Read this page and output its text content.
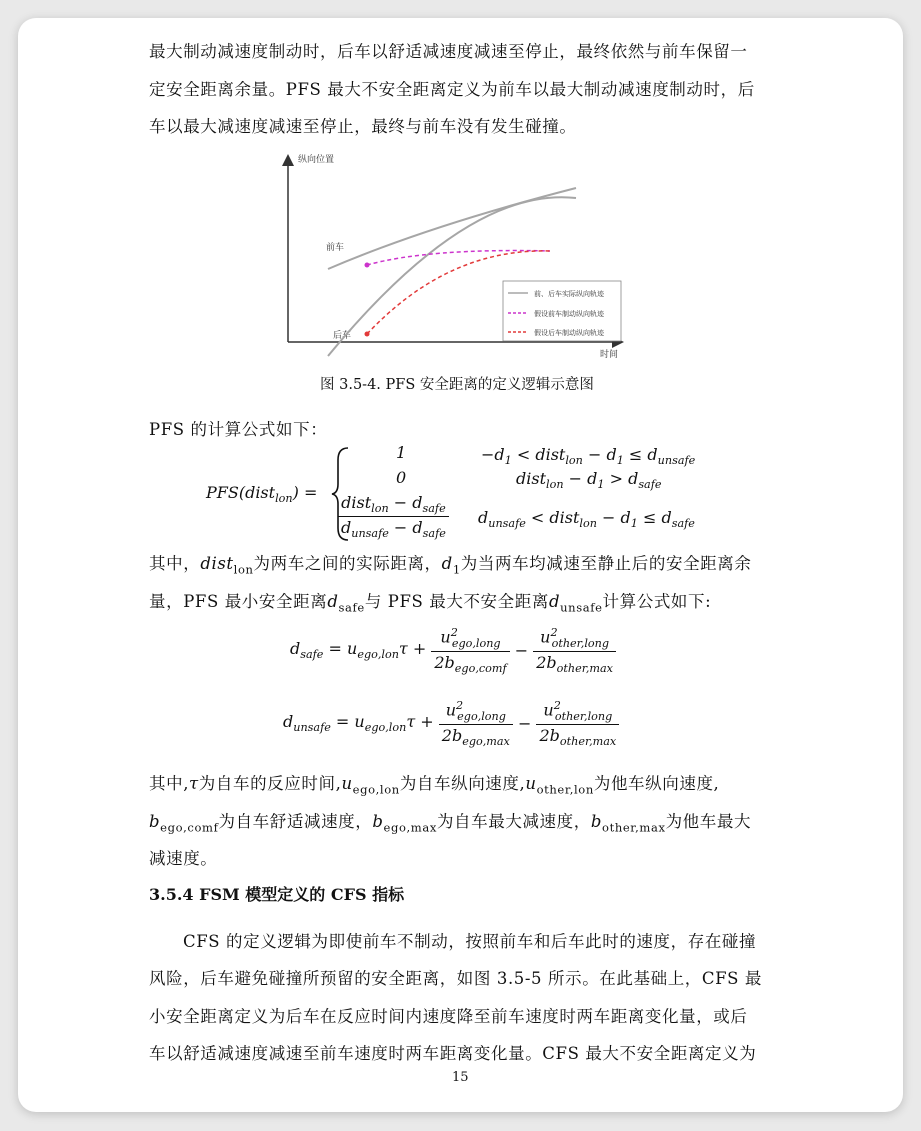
最大制动减速度制动时，后车以舒适减速度减速至停止，最终依然与前车保留一
定安全距离余量。PFS 最大不安全距离定义为前车以最大制动减速度制动时，后
车以最大减速度减速至停止，最终与前车没有发生碰撞。
纵向位置
时间
前车
后车
前、后车实际纵向轨迹
假设前车制动纵向轨迹
假设后车制动纵向轨迹
图 3.5-4. PFS 安全距离的定义逻辑示意图
PFS 的计算公式如下：
PFS(dist$_{lon}$) =
1	$-d_1$ < dist$_{lon}$ − $d_1 \le d_{unsafe}$
0	dist$_{lon}$ − $d_1 > d_{safe}$
$\frac{dist_{lon} - d_{safe}}{d_{unsafe} - d_{safe}} d_{unsafe}$ < dist$_{lon}$ − $d_1 \le d_{safe}$
其中，dist$_{lon}$为两车之间的实际距离，$d_1$为当两车均减速至静止后的安全距离余
量，PFS 最小安全距离$d_{safe}$与 PFS 最大不安全距离$d_{unsafe}$计算公式如下:
$d_{safe} = u_{ego,lon}\tau + \frac{u^2_{ego,long}}{2b_{ego,comf}} - \frac{u^2_{other,long}}{2b_{other,max}}$
$d_{unsafe} = u_{ego,lon}\tau + \frac{u^2_{ego,long}}{2b_{ego,max}} - \frac{u^2_{other,long}}{2b_{other,max}}$
其中,τ为自车的反应时间$,u_{ego,lon}$为自车纵向速度$,u_{other,lon}$为他车纵向速度,
$b_{ego,comf}$为自车舒适减速度，$b_{ego,max}$为自车最大减速度，$b_{other,max}$为他车最大
减速度。
3.5.4 FSM 模型定义的 CFS 指标
CFS 的定义逻辑为即使前车不制动，按照前车和后车此时的速度，存在碰撞
风险，后车避免碰撞所预留的安全距离，如图 3.5-5 所示。在此基础上，CFS 最
小安全距离定义为后车在反应时间内速度降至前车速度时两车距离变化量，或后
车以舒适减速度减速至前车速度时两车距离变化量。CFS 最大不安全距离定义为
15
